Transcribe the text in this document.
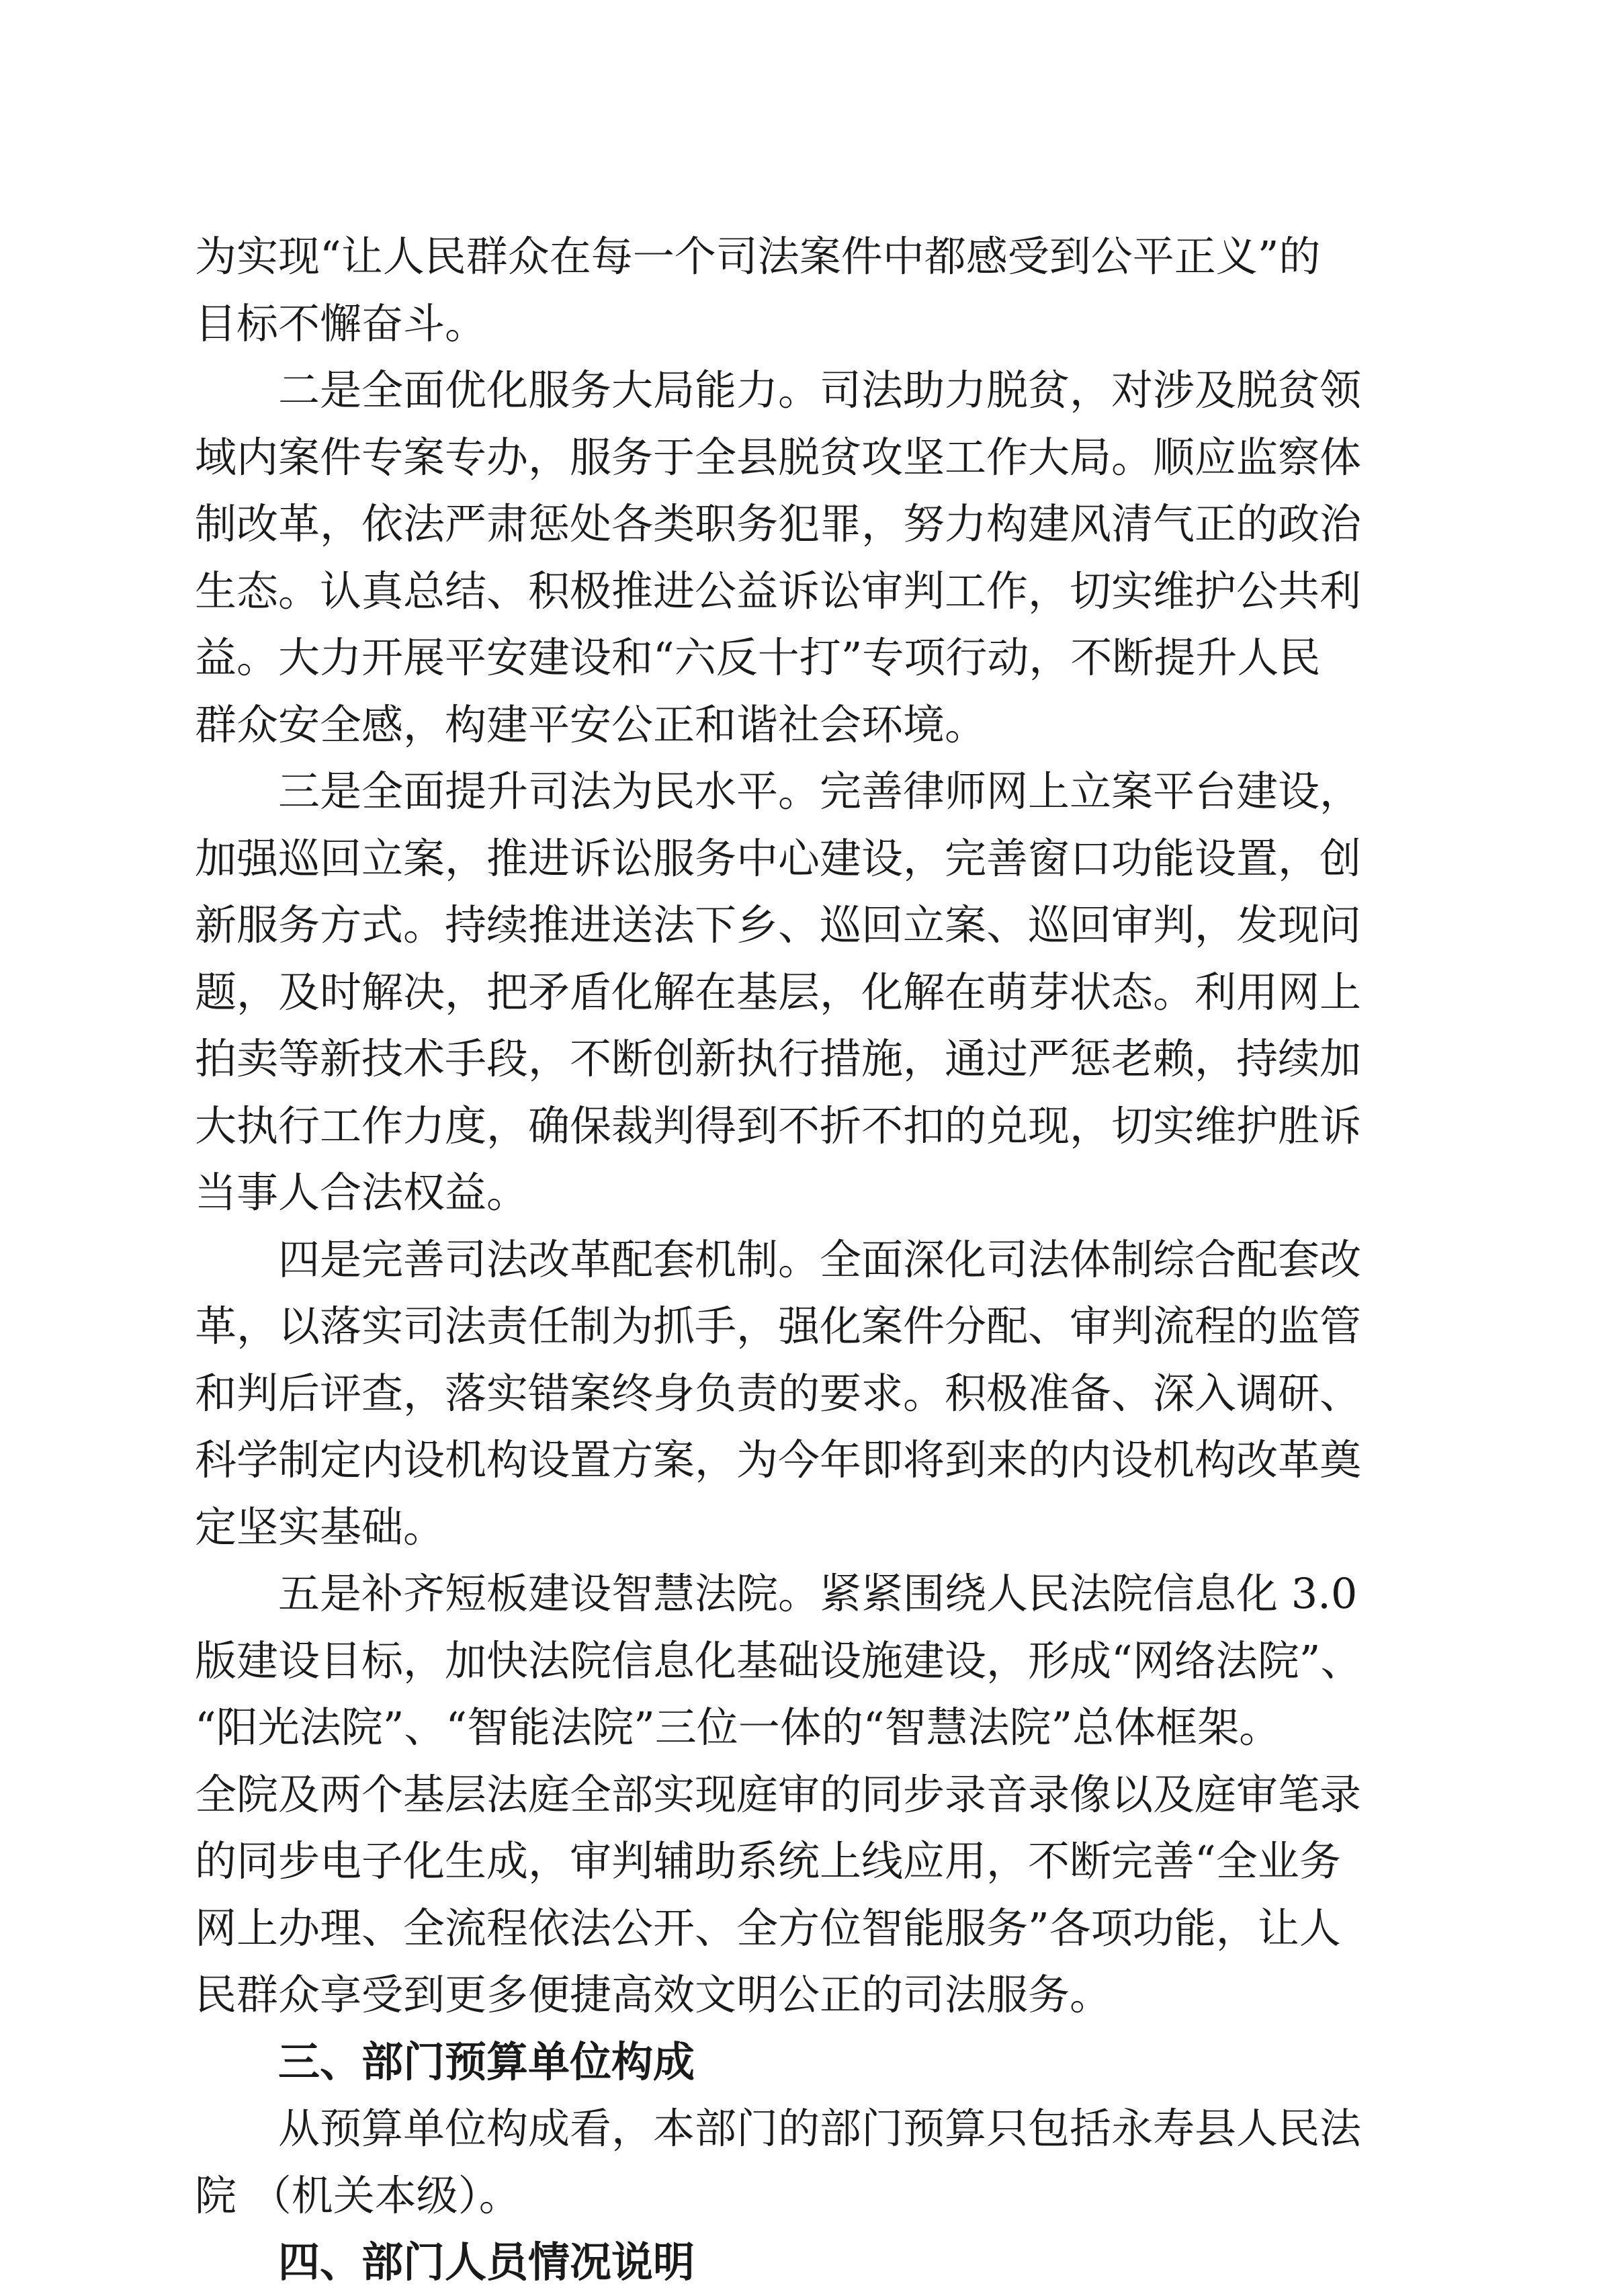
为实现“让人民群众在每一个司法案件中都感受到公平正义”的
目标不懈奋斗。
二是全面优化服务大局能力。司法助力脱贫，对涉及脱贫领
域内案件专案专办，服务于全县脱贫攻坚工作大局。顺应监察体
制改革，依法严肃惩处各类职务犯罪，努力构建风清气正的政治
生态。认真总结、积极推进公益诉讼审判工作，切实维护公共利
益。大力开展平安建设和“六反十打”专项行动，不断提升人民
群众安全感，构建平安公正和谐社会环境。
三是全面提升司法为民水平。完善律师网上立案平台建设，
加强巡回立案，推进诉讼服务中心建设，完善窗口功能设置，创
新服务方式。持续推进送法下乡、巡回立案、巡回审判，发现问
题，及时解决，把矛盾化解在基层，化解在萌芽状态。利用网上
拍卖等新技术手段，不断创新执行措施，通过严惩老赖，持续加
大执行工作力度，确保裁判得到不折不扣的兑现，切实维护胜诉
当事人合法权益。
四是完善司法改革配套机制。全面深化司法体制综合配套改
革，以落实司法责任制为抓手，强化案件分配、审判流程的监管
和判后评查，落实错案终身负责的要求。积极准备、深入调研、
科学制定内设机构设置方案，为今年即将到来的内设机构改革奠
定坚实基础。
五是补齐短板建设智慧法院。紧紧围绕人民法院信息化 3.0
版建设目标，加快法院信息化基础设施建设，形成“网络法院”、
“阳光法院”、“智能法院”三位一体的“智慧法院”总体框架。
全院及两个基层法庭全部实现庭审的同步录音录像以及庭审笔录
的同步电子化生成，审判辅助系统上线应用，不断完善“全业务
网上办理、全流程依法公开、全方位智能服务”各项功能，让人
民群众享受到更多便捷高效文明公正的司法服务。
三、部门预算单位构成
从预算单位构成看，本部门的部门预算只包括永寿县人民法
院 （机关本级）。
四、部门人员情况说明
